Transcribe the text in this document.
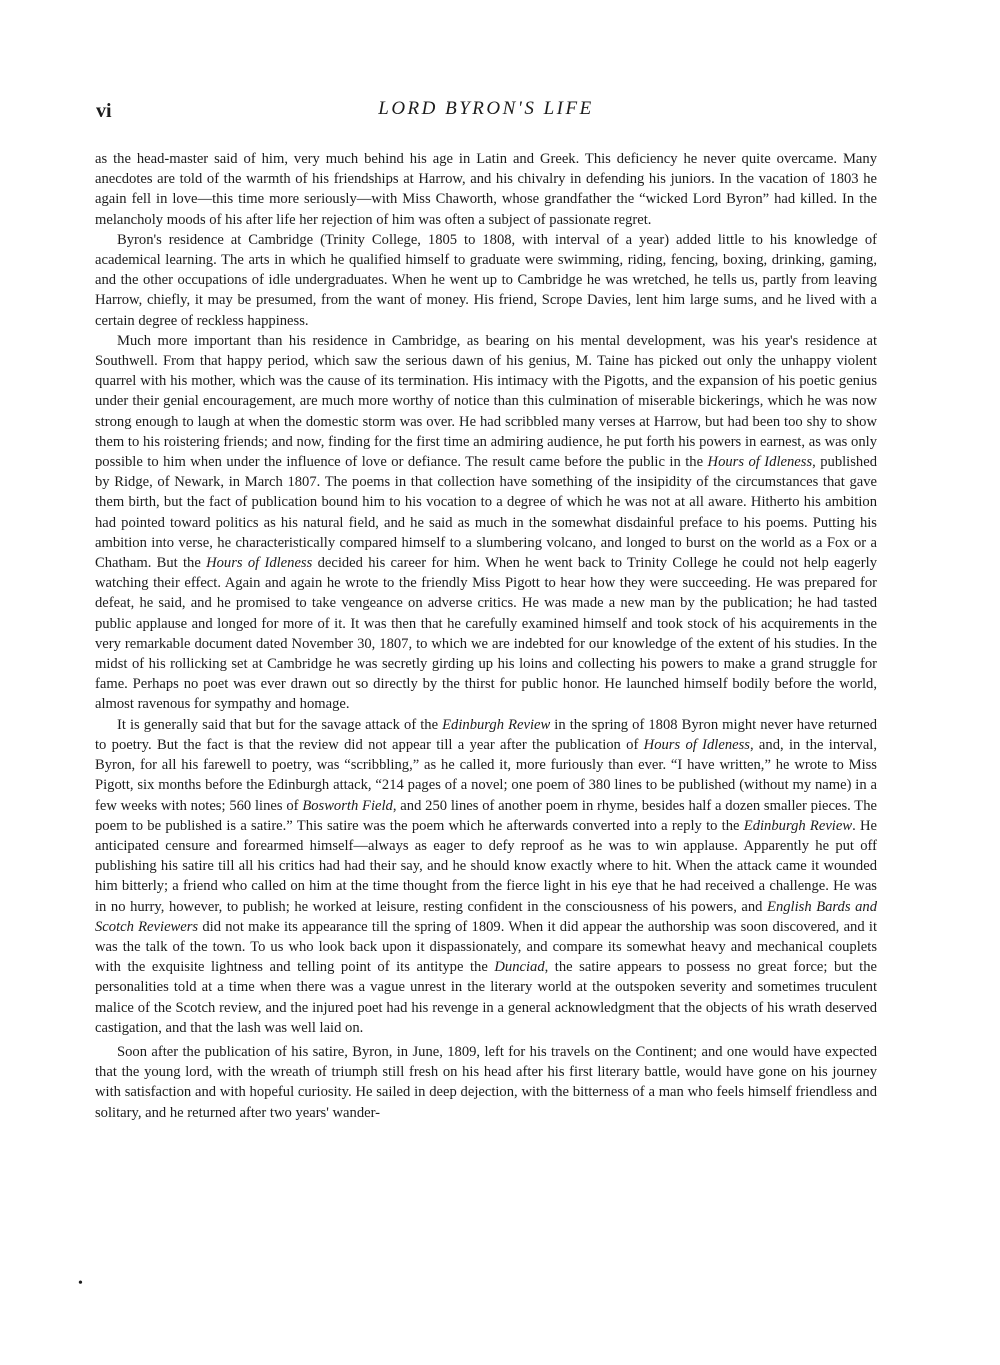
vi	LORD BYRON'S LIFE

as the head-master said of him, very much behind his age in Latin and Greek. This deficiency he never quite overcame. Many anecdotes are told of the warmth of his friendships at Harrow, and his chivalry in defending his juniors. In the vacation of 1803 he again fell in love—this time more seriously—with Miss Chaworth, whose grandfather the “wicked Lord Byron” had killed. In the melancholy moods of his after life her rejection of him was often a subject of passionate regret.

Byron's residence at Cambridge (Trinity College, 1805 to 1808, with interval of a year) added little to his knowledge of academical learning. The arts in which he qualified himself to graduate were swimming, riding, fencing, boxing, drinking, gaming, and the other occupations of idle undergraduates. When he went up to Cambridge he was wretched, he tells us, partly from leaving Harrow, chiefly, it may be presumed, from the want of money. His friend, Scrope Davies, lent him large sums, and he lived with a certain degree of reckless happiness.

Much more important than his residence in Cambridge, as bearing on his mental development, was his year's residence at Southwell. From that happy period, which saw the serious dawn of his genius, M. Taine has picked out only the unhappy violent quarrel with his mother, which was the cause of its termination. His intimacy with the Pigotts, and the expansion of his poetic genius under their genial encouragement, are much more worthy of notice than this culmination of miserable bickerings, which he was now strong enough to laugh at when the domestic storm was over. He had scribbled many verses at Harrow, but had been too shy to show them to his roistering friends; and now, finding for the first time an admiring audience, he put forth his powers in earnest, as was only possible to him when under the influence of love or defiance. The result came before the public in the Hours of Idleness, published by Ridge, of Newark, in March 1807. The poems in that collection have something of the insipidity of the circumstances that gave them birth, but the fact of publication bound him to his vocation to a degree of which he was not at all aware. Hitherto his ambition had pointed toward politics as his natural field, and he said as much in the somewhat disdainful preface to his poems. Putting his ambition into verse, he characteristically compared himself to a slumbering volcano, and longed to burst on the world as a Fox or a Chatham. But the Hours of Idleness decided his career for him. When he went back to Trinity College he could not help eagerly watching their effect. Again and again he wrote to the friendly Miss Pigott to hear how they were succeeding. He was prepared for defeat, he said, and he promised to take vengeance on adverse critics. He was made a new man by the publication; he had tasted public applause and longed for more of it. It was then that he carefully examined himself and took stock of his acquirements in the very remarkable document dated November 30, 1807, to which we are indebted for our knowledge of the extent of his studies. In the midst of his rollicking set at Cambridge he was secretly girding up his loins and collecting his powers to make a grand struggle for fame. Perhaps no poet was ever drawn out so directly by the thirst for public honor. He launched himself bodily before the world, almost ravenous for sympathy and homage.

It is generally said that but for the savage attack of the Edinburgh Review in the spring of 1808 Byron might never have returned to poetry. But the fact is that the review did not appear till a year after the publication of Hours of Idleness, and, in the interval, Byron, for all his farewell to poetry, was “scribbling,” as he called it, more furiously than ever. “I have written,” he wrote to Miss Pigott, six months before the Edinburgh attack, “214 pages of a novel; one poem of 380 lines to be published (without my name) in a few weeks with notes; 560 lines of Bosworth Field, and 250 lines of another poem in rhyme, besides half a dozen smaller pieces. The poem to be published is a satire.” This satire was the poem which he afterwards converted into a reply to the Edinburgh Review. He anticipated censure and forearmed himself—always as eager to defy reproof as he was to win applause. Apparently he put off publishing his satire till all his critics had had their say, and he should know exactly where to hit. When the attack came it wounded him bitterly; a friend who called on him at the time thought from the fierce light in his eye that he had received a challenge. He was in no hurry, however, to publish; he worked at leisure, resting confident in the consciousness of his powers, and English Bards and Scotch Reviewers did not make its appearance till the spring of 1809. When it did appear the authorship was soon discovered, and it was the talk of the town. To us who look back upon it dispassionately, and compare its somewhat heavy and mechanical couplets with the exquisite lightness and telling point of its antitype the Dunciad, the satire appears to possess no great force; but the personalities told at a time when there was a vague unrest in the literary world at the outspoken severity and sometimes truculent malice of the Scotch review, and the injured poet had his revenge in a general acknowledgment that the objects of his wrath deserved castigation, and that the lash was well laid on.

Soon after the publication of his satire, Byron, in June, 1809, left for his travels on the Continent; and one would have expected that the young lord, with the wreath of triumph still fresh on his head after his first literary battle, would have gone on his journey with satisfaction and with hopeful curiosity. He sailed in deep dejection, with the bitterness of a man who feels himself friendless and solitary, and he returned after two years' wander-

•
